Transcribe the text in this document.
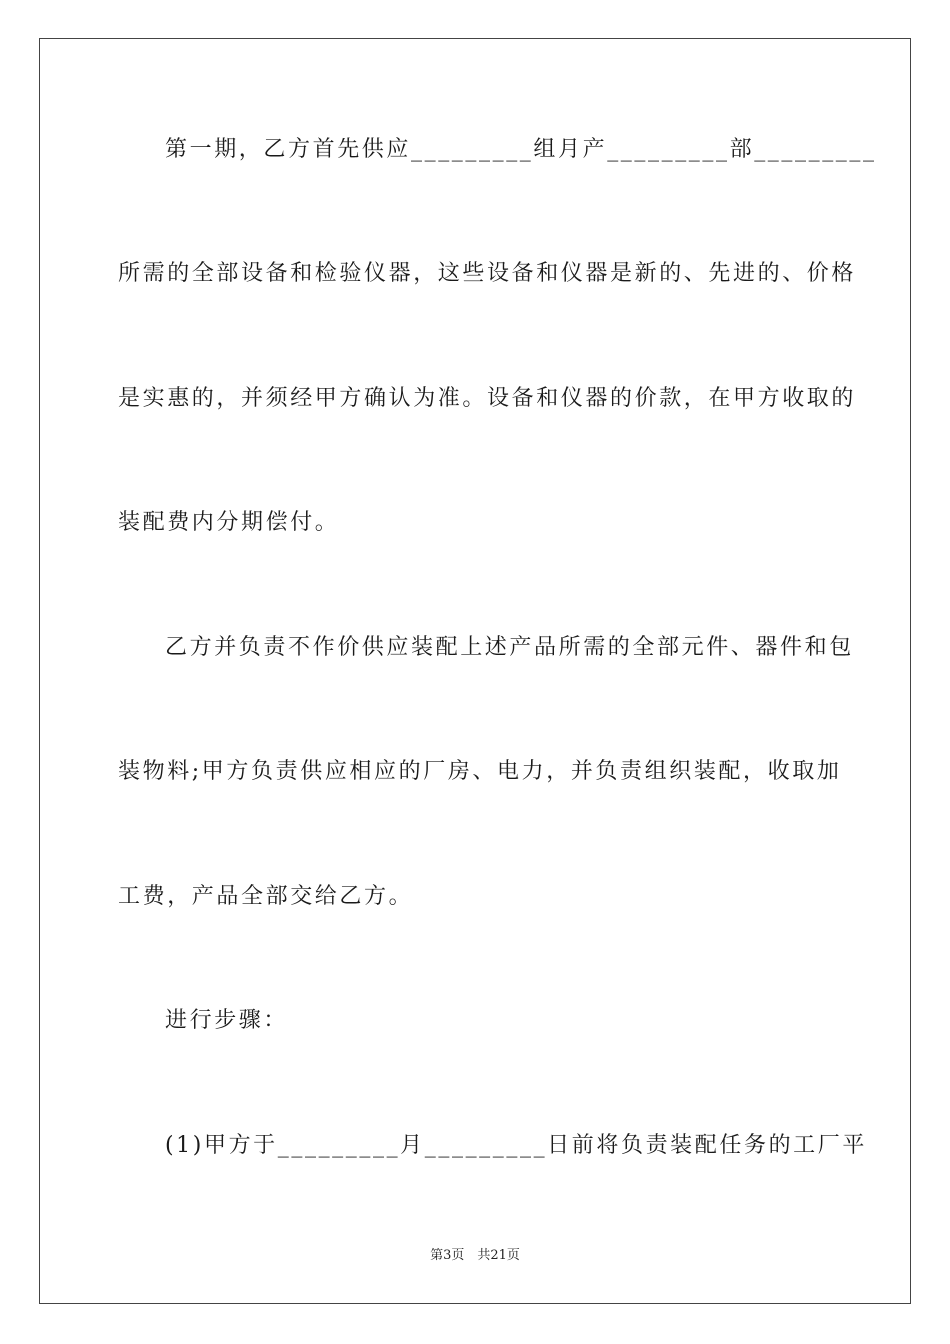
第一期，乙方首先供应_________组月产_________部_________
所需的全部设备和检验仪器，这些设备和仪器是新的、先进的、价格
是实惠的，并须经甲方确认为准。设备和仪器的价款，在甲方收取的
装配费内分期偿付。
乙方并负责不作价供应装配上述产品所需的全部元件、器件和包
装物料;甲方负责供应相应的厂房、电力，并负责组织装配，收取加
工费，产品全部交给乙方。
进行步骤：
(1)甲方于_________月_________日前将负责装配任务的工厂平
第3页　共21页
